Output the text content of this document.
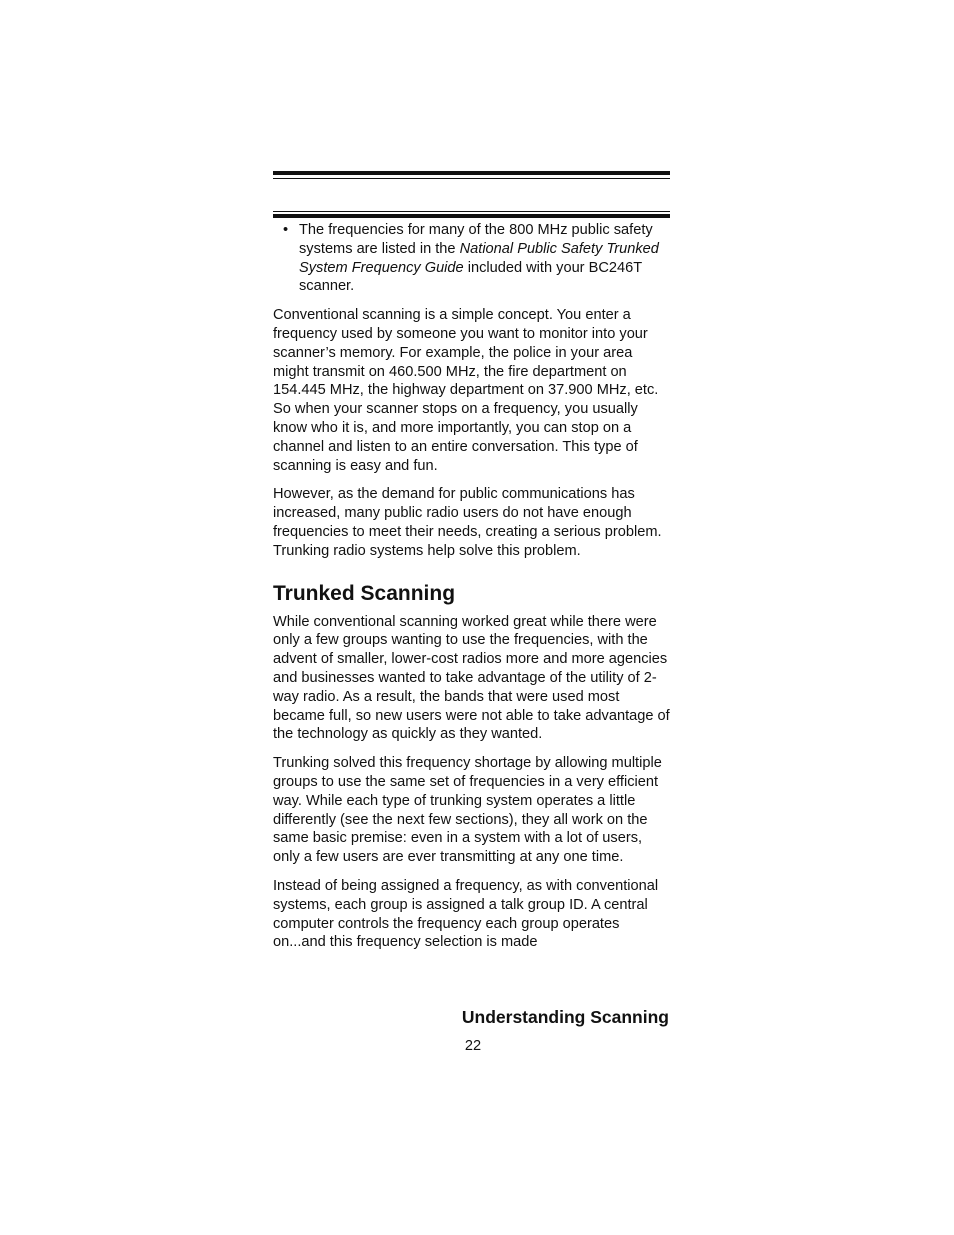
• The frequencies for many of the 800 MHz public safety systems are listed in the National Public Safety Trunked System Frequency Guide included with your BC246T scanner.

Conventional scanning is a simple concept. You enter a frequency used by someone you want to monitor into your scanner’s memory. For example, the police in your area might transmit on 460.500 MHz, the fire department on 154.445 MHz, the highway department on 37.900 MHz, etc. So when your scanner stops on a frequency, you usually know who it is, and more importantly, you can stop on a channel and listen to an entire conversation. This type of scanning is easy and fun.

However, as the demand for public communications has increased, many public radio users do not have enough frequencies to meet their needs, creating a serious problem. Trunking radio systems help solve this problem.

Trunked Scanning

While conventional scanning worked great while there were only a few groups wanting to use the frequencies, with the advent of smaller, lower-cost radios more and more agencies and businesses wanted to take advantage of the utility of 2-way radio. As a result, the bands that were used most became full, so new users were not able to take advantage of the technology as quickly as they wanted.

Trunking solved this frequency shortage by allowing multiple groups to use the same set of frequencies in a very efficient way. While each type of trunking system operates a little differently (see the next few sections), they all work on the same basic premise: even in a system with a lot of users, only a few users are ever transmitting at any one time.

Instead of being assigned a frequency, as with conventional systems, each group is assigned a talk group ID. A central computer controls the frequency each group operates on...and this frequency selection is made

Understanding Scanning
22
